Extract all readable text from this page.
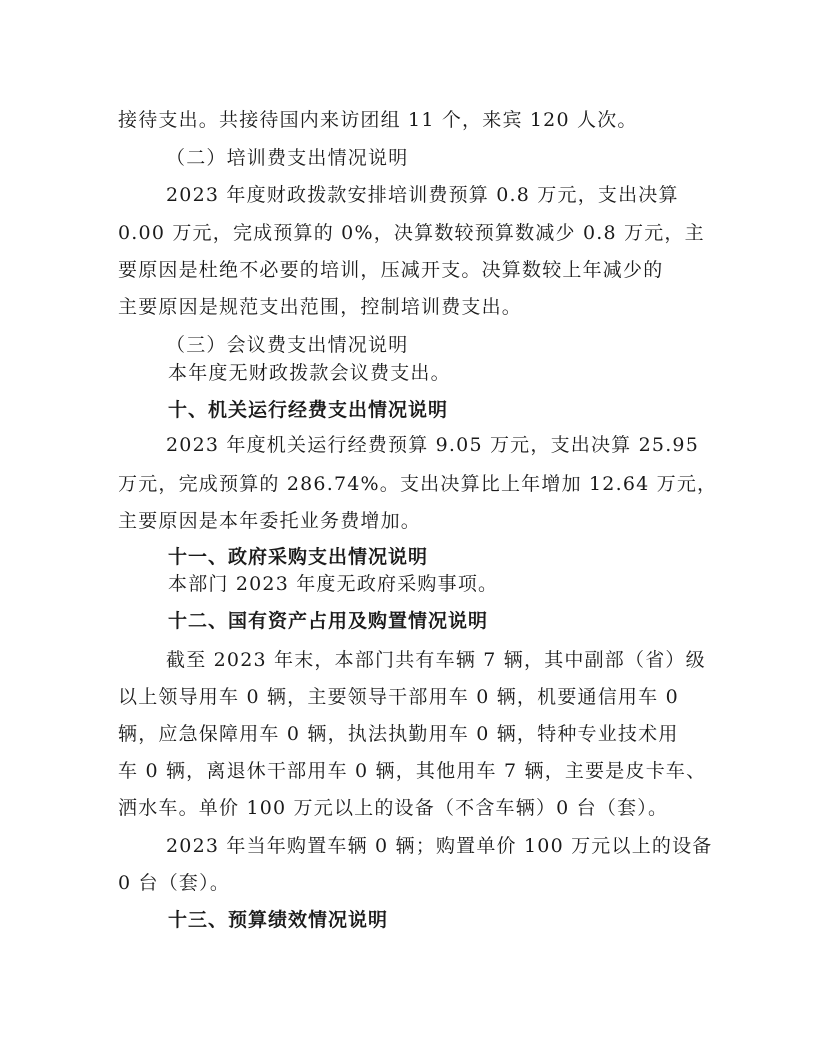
接待支出。共接待国内来访团组 11 个，来宾 120 人次。
（二）培训费支出情况说明
2023 年度财政拨款安排培训费预算 0.8 万元，支出决算
0.00 万元，完成预算的 0%，决算数较预算数减少 0.8 万元，主
要原因是杜绝不必要的培训，压减开支。决算数较上年减少的
主要原因是规范支出范围，控制培训费支出。
（三）会议费支出情况说明
本年度无财政拨款会议费支出。
十、机关运行经费支出情况说明
2023 年度机关运行经费预算 9.05 万元，支出决算 25.95
万元，完成预算的 286.74%。支出决算比上年增加 12.64 万元，
主要原因是本年委托业务费增加。
十一、政府采购支出情况说明
本部门 2023 年度无政府采购事项。
十二、国有资产占用及购置情况说明
截至 2023 年末，本部门共有车辆 7 辆，其中副部（省）级
以上领导用车 0 辆，主要领导干部用车 0 辆，机要通信用车 0
辆，应急保障用车 0 辆，执法执勤用车 0 辆，特种专业技术用
车 0 辆，离退休干部用车 0 辆，其他用车 7 辆，主要是皮卡车、
洒水车。单价 100 万元以上的设备（不含车辆）0 台（套）。
2023 年当年购置车辆 0 辆；购置单价 100 万元以上的设备
0 台（套）。
十三、预算绩效情况说明
